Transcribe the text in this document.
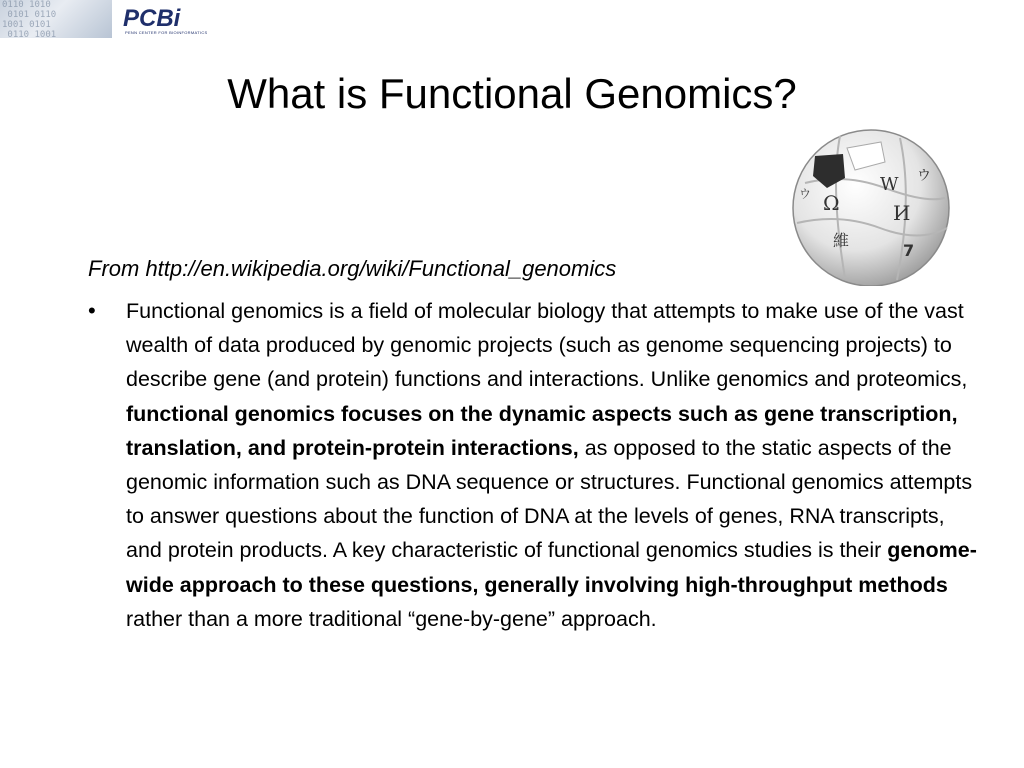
0110 1010
0101 0110
1001 0101
0110 1001
PCBi
PENN CENTER FOR BIOINFORMATICS
What is Functional Genomics?
W
Ω	И
維
7
ウ
ウ
From http://en.wikipedia.org/wiki/Functional_genomics
• Functional genomics is a field of molecular biology that attempts to make use of the vast wealth of data produced by genomic projects (such as genome sequencing projects) to describe gene (and protein) functions and interactions. Unlike genomics and proteomics, functional genomics focuses on the dynamic aspects such as gene transcription, translation, and protein-protein interactions, as opposed to the static aspects of the genomic information such as DNA sequence or structures. Functional genomics attempts to answer questions about the function of DNA at the levels of genes, RNA transcripts, and protein products. A key characteristic of functional genomics studies is their genome-wide approach to these questions, generally involving high-throughput methods rather than a more traditional “gene-by-gene” approach.
